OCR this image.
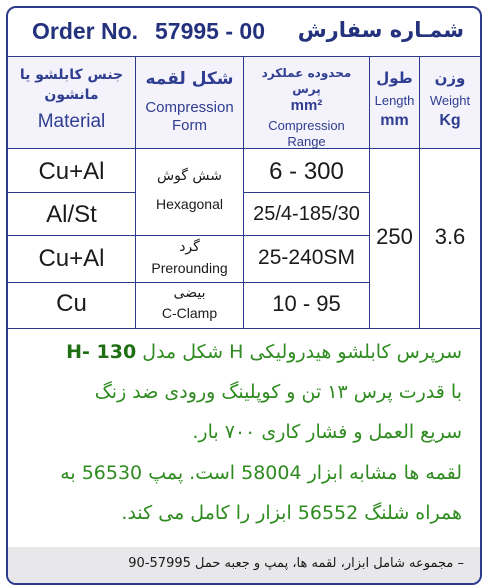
Order No. 57995 - 00 شمـاره سفارش
جنس کابلشو یا مانشون
Material
شکل لقمه
Compression Form
محدوده عملکرد پرس
mm²
Compression Range
طول
Length
mm
وزن
Weight
Kg
Cu+Al
Al/St
Cu+Al
Cu
شش گوش
Hexagonal
گرد
Prerounding
بیضی
C-Clamp
6 - 300
25/4-185/30
25-240SM
10 - 95
250 3.6
سرپرس کابلشو هیدرولیکی H شکل مدل H- 130
با قدرت پرس ۱۳ تن و کوپلینگ ورودی ضد زنگ
سریع العمل و فشار کاری ۷۰۰ بار.
لقمه ها مشابه ابزار 58004 است. پمپ 56530 به
همراه شلنگ 56552 ابزار را کامل می کند.
– مجموعه شامل ابزار، لقمه ها، پمپ و جعبه حمل 57995-90
